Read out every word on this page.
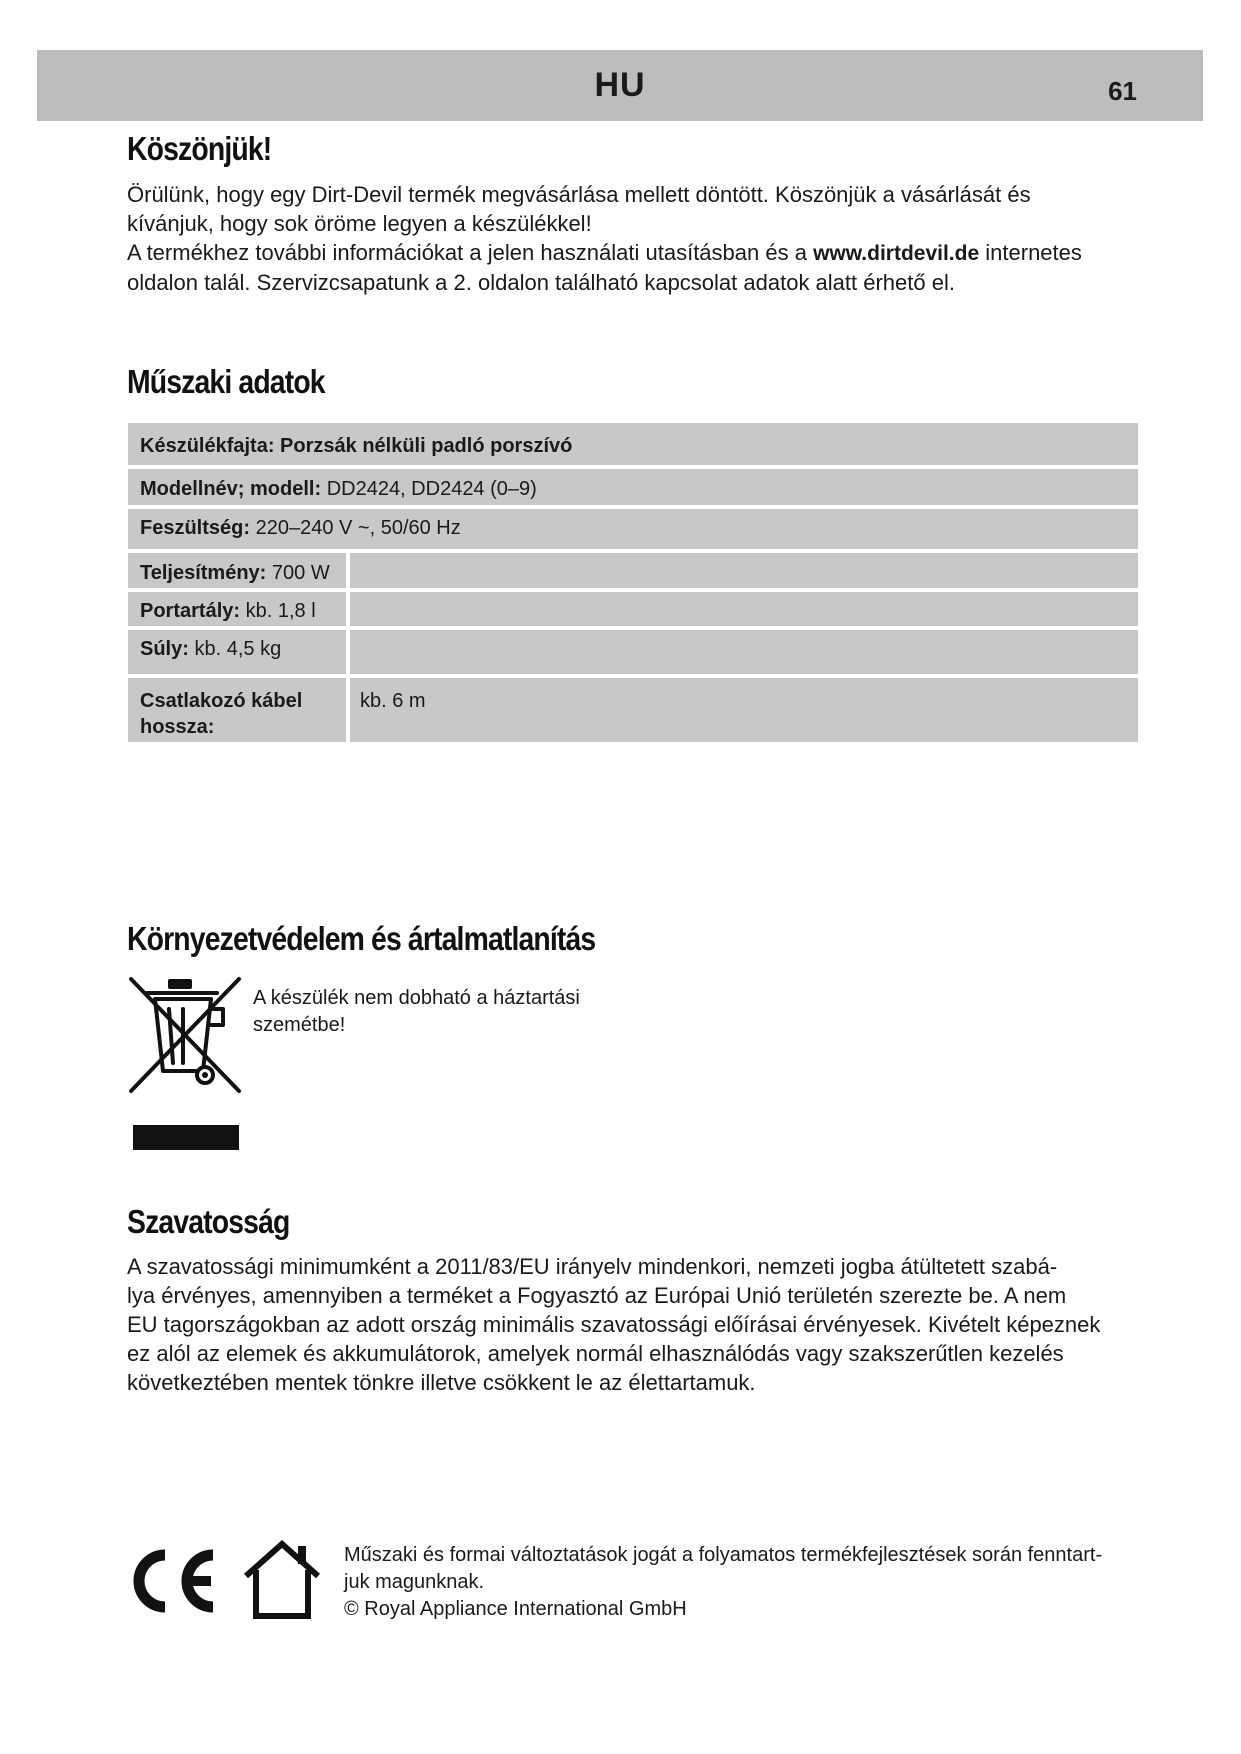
HU	61
Köszönjük!
Örülünk, hogy egy Dirt-Devil termék megvásárlása mellett döntött. Köszönjük a vásárlását és
kívánjuk, hogy sok öröme legyen a készülékkel!
A termékhez további információkat a jelen használati utasításban és a www.dirtdevil.de internetes
oldalon talál. Szervizcsapatunk a 2. oldalon található kapcsolat adatok alatt érhető el.
Műszaki adatok
Készülékfajta: Porzsák nélküli padló porszívó
Modellnév; modell: DD2424, DD2424 (0–9)
Feszültség: 220–240 V ~, 50/60 Hz
Teljesítmény: 700 W
Portartály: kb. 1,8 l
Súly: kb. 4,5 kg
Csatlakozó kábel
hossza:
kb. 6 m
Környezetvédelem és ártalmatlanítás
A készülék nem dobható a háztartási
szemétbe!
Szavatosság
A szavatossági minimumként a 2011/83/EU irányelv mindenkori, nemzeti jogba átültetett szabá-
lya érvényes, amennyiben a terméket a Fogyasztó az Európai Unió területén szerezte be. A nem
EU tagországokban az adott ország minimális szavatossági előírásai érvényesek. Kivételt képeznek
ez alól az elemek és akkumulátorok, amelyek normál elhasználódás vagy szakszerűtlen kezelés
következtében mentek tönkre illetve csökkent le az élettartamuk.
Műszaki és formai változtatások jogát a folyamatos termékfejlesztések során fenntart-
juk magunknak.
© Royal Appliance International GmbH
